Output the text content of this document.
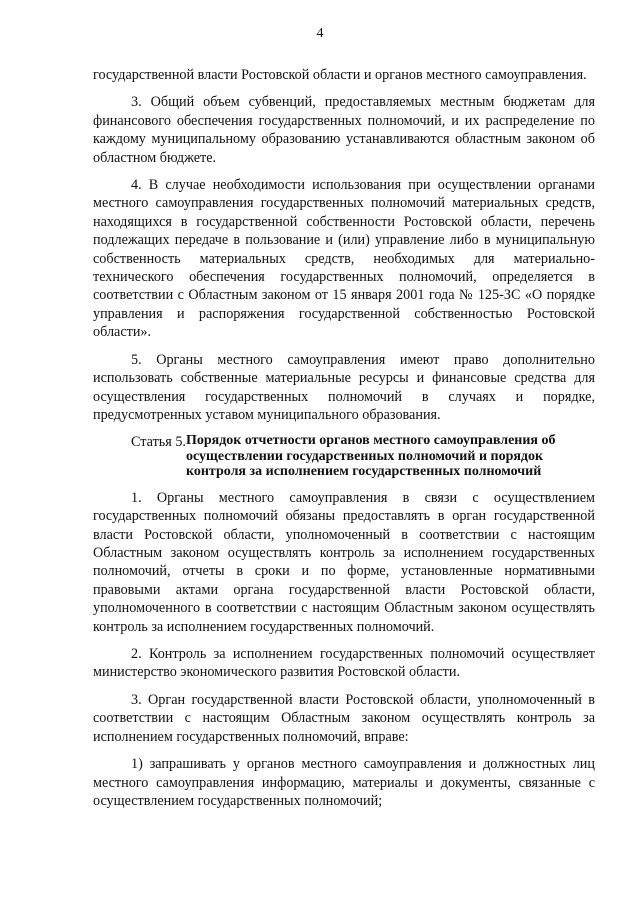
4

государственной власти Ростовской области и органов местного самоуправления.

3. Общий объем субвенций, предоставляемых местным бюджетам для финансового обеспечения государственных полномочий, и их распределение по каждому муниципальному образованию устанавливаются областным законом об областном бюджете.

4. В случае необходимости использования при осуществлении органами местного самоуправления государственных полномочий материальных средств, находящихся в государственной собственности Ростовской области, перечень подлежащих передаче в пользование и (или) управление либо в муниципальную собственность материальных средств, необходимых для материально-технического обеспечения государственных полномочий, определяется в соответствии с Областным законом от 15 января 2001 года № 125-ЗС «О порядке управления и распоряжения государственной собственностью Ростовской области».

5. Органы местного самоуправления имеют право дополнительно использовать собственные материальные ресурсы и финансовые средства для осуществления государственных полномочий в случаях и порядке, предусмотренных уставом муниципального образования.

Статья 5. Порядок отчетности органов местного самоуправления об осуществлении государственных полномочий и порядок контроля за исполнением государственных полномочий

1. Органы местного самоуправления в связи с осуществлением государственных полномочий обязаны предоставлять в орган государственной власти Ростовской области, уполномоченный в соответствии с настоящим Областным законом осуществлять контроль за исполнением государственных полномочий, отчеты в сроки и по форме, установленные нормативными правовыми актами органа государственной власти Ростовской области, уполномоченного в соответствии с настоящим Областным законом осуществлять контроль за исполнением государственных полномочий.

2. Контроль за исполнением государственных полномочий осуществляет министерство экономического развития Ростовской области.

3. Орган государственной власти Ростовской области, уполномоченный в соответствии с настоящим Областным законом осуществлять контроль за исполнением государственных полномочий, вправе:

1) запрашивать у органов местного самоуправления и должностных лиц местного самоуправления информацию, материалы и документы, связанные с осуществлением государственных полномочий;
